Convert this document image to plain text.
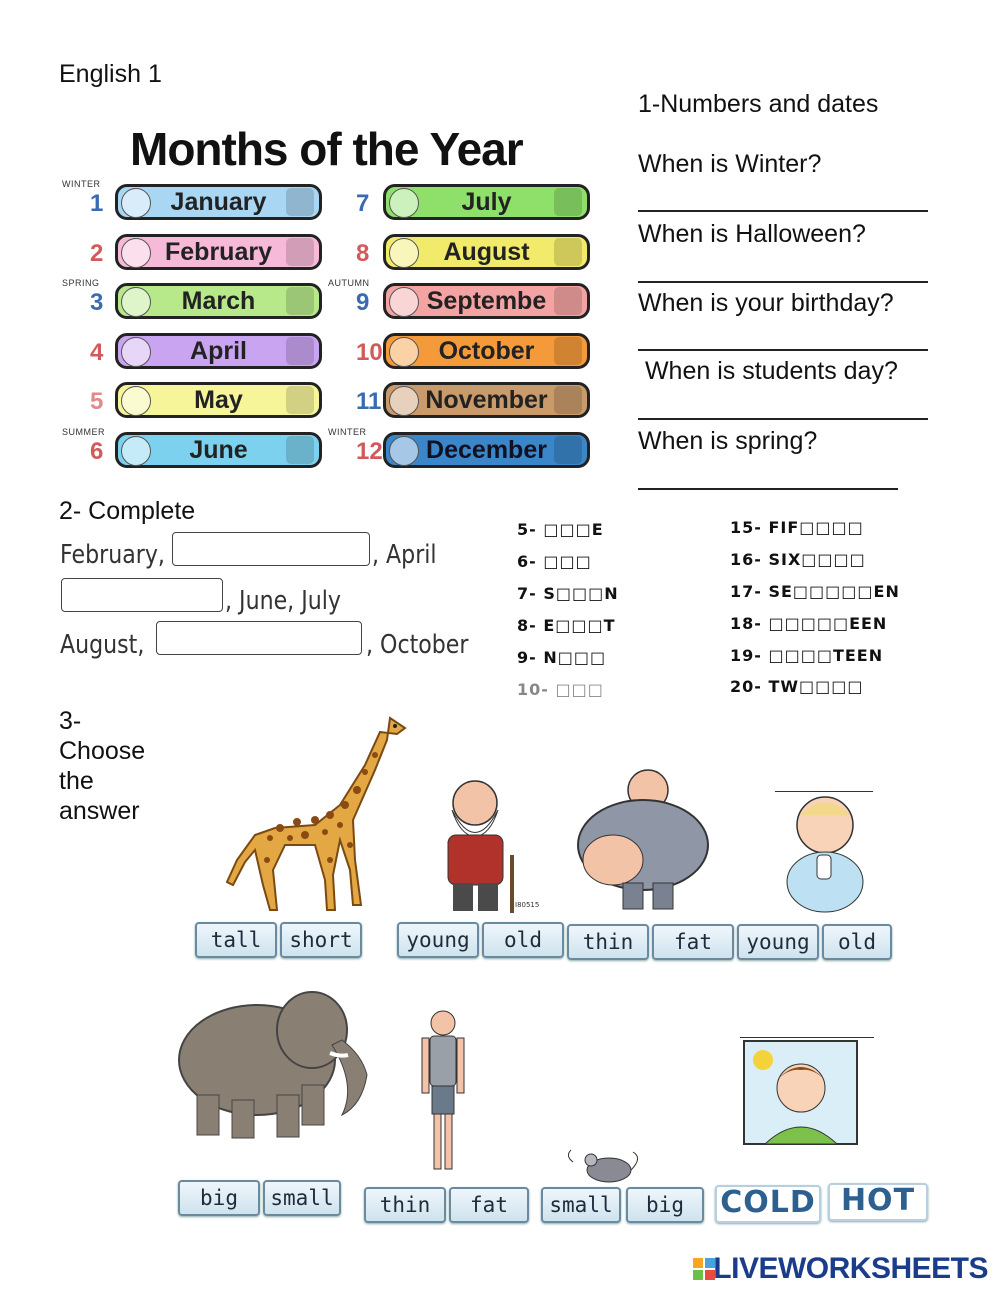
English 1
1-Numbers and dates
When is Winter?
When is Halloween?
When is your birthday?
When is students day?
When is spring?
Months of the Year
2- Complete
February,	, April
, June, July
August,	, October
5- □□□E
6- □□□
7- S□□□N
8- E□□□T
9- N□□□
10- □□□
15- FIF□□□□
16- SIX□□□□
17- SE□□□□□EN
18- □□□□□EEN
19- □□□□TEEN
20- TW□□□□
3-
Choose
the
answer
I80515
tall	short	young	old	thin	fat	young	old
big	small	thin	fat	small	big	COLD HOT
LIVEWORKSHEETS
WINTER
1	January
2	February
SPRING
3	March
4	April
5	May
SUMMER
6	June
7	July
8	August
AUTUMN
9 Septembe
10	October
11 November
WINTER
12 December
